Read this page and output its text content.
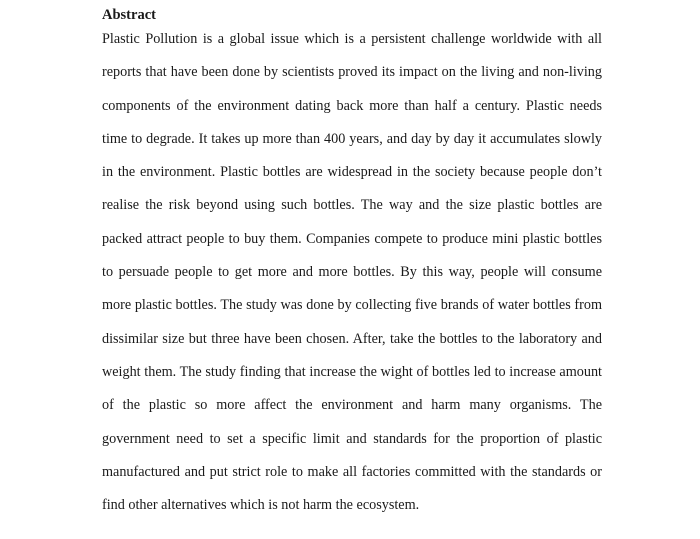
Abstract

Plastic Pollution is a global issue which is a persistent challenge worldwide with all reports that have been done by scientists proved its impact on the living and non-living components of the environment dating back more than half a century. Plastic needs time to degrade. It takes up more than 400 years, and day by day it accumulates slowly in the environment. Plastic bottles are widespread in the society because people don’t realise the risk beyond using such bottles. The way and the size plastic bottles are packed attract people to buy them. Companies compete to produce mini plastic bottles to persuade people to get more and more bottles. By this way, people will consume more plastic bottles. The study was done by collecting five brands of water bottles from dissimilar size but three have been chosen. After, take the bottles to the laboratory and weight them. The study finding that increase the wight of bottles led to increase amount of the plastic so more affect the environment and harm many organisms. The government need to set a specific limit and standards for the proportion of plastic manufactured and put strict role to make all factories committed with the standards or find other alternatives which is not harm the ecosystem.
